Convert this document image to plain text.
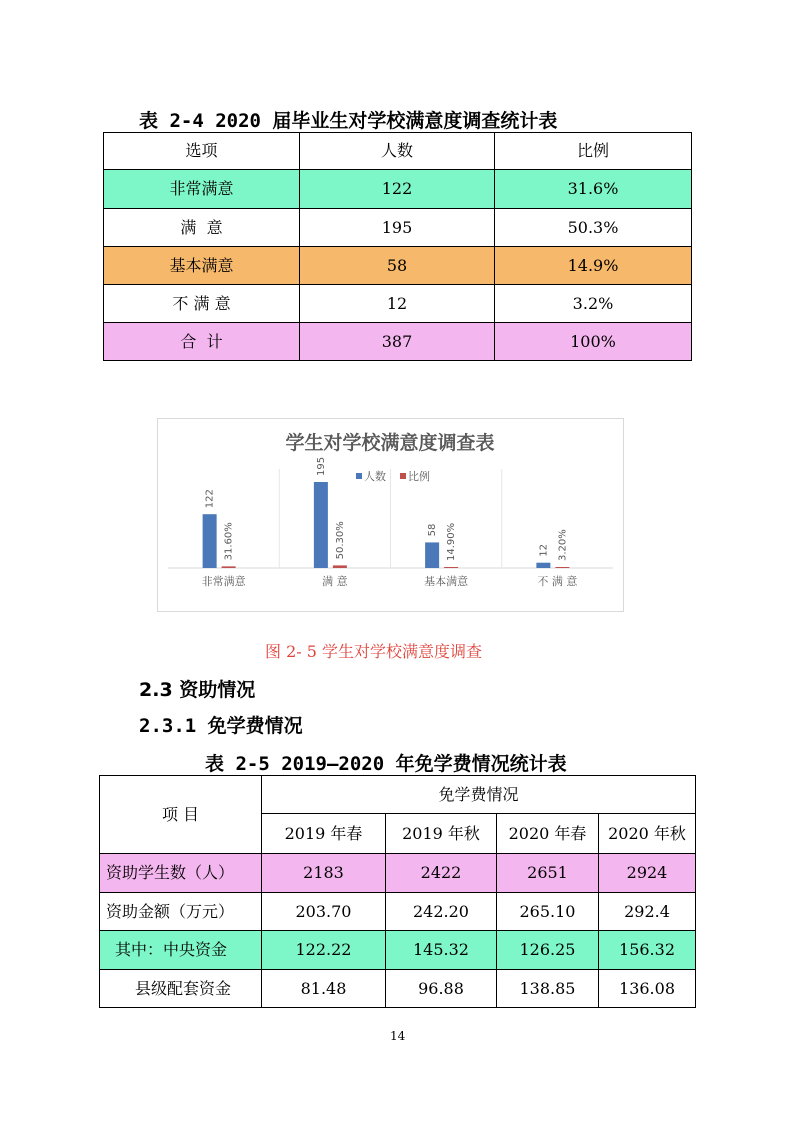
表 2-4 2020 届毕业生对学校满意度调查统计表
选项	人数	比例
非常满意	122	31.6%
满  意	195	50.3%
基本满意	58	14.9%
不 满 意	12	3.2%
合  计	387	100%
学生对学校满意度调查表
人数 比例
122
31.60%
非常满意
195
50.30%
满 意
58 14.90%
基本满意
12 3.20%
不 满 意
图 2- 5 学生对学校满意度调查
2.3 资助情况
2.3.1 免学费情况
表 2-5 2019—2020 年免学费情况统计表
项 目	免学费情况			
	2019 年春	2019 年秋	2020 年春	2020 年秋
资助学生数（人）	2183	2422	2651	2924
资助金额（万元）	203.70	242.20	265.10	292.4
其中：中央资金	122.22	145.32	126.25	156.32
县级配套资金	81.48	96.88	138.85	136.08
14
